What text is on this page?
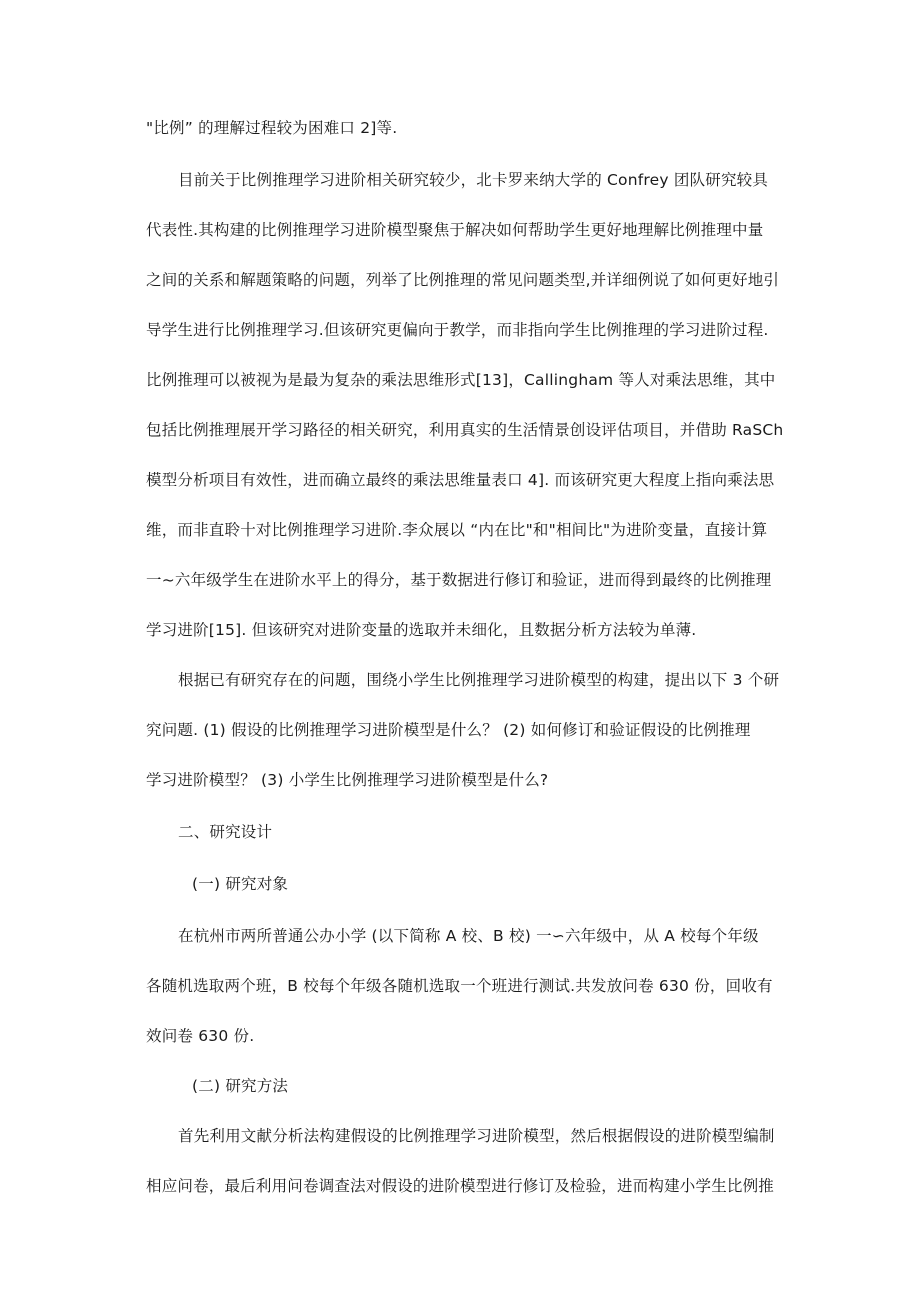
"比例” 的理解过程较为困难口 2]等.
目前关于比例推理学习进阶相关研究较少，北卡罗来纳大学的 Confrey 团队研究较具
代表性.其构建的比例推理学习进阶模型聚焦于解决如何帮助学生更好地理解比例推理中量
之间的关系和解题策略的问题，列举了比例推理的常见问题类型,并详细例说了如何更好地引
导学生进行比例推理学习.但该研究更偏向于教学，而非指向学生比例推理的学习进阶过程.
比例推理可以被视为是最为复杂的乘法思维形式[13]，Callingham 等人对乘法思维，其中
包括比例推理展开学习路径的相关研究，利用真实的生活情景创设评估项目，并借助 RaSCh
模型分析项目有效性，进而确立最终的乘法思维量表口 4]. 而该研究更大程度上指向乘法思
维，而非直聆十对比例推理学习进阶.李众展以 “内在比"和"相间比"为进阶变量，直接计算
一~六年级学生在进阶水平上的得分，基于数据进行修订和验证，进而得到最终的比例推理
学习进阶[15]. 但该研究对进阶变量的选取并未细化，且数据分析方法较为单薄.
根据已有研究存在的问题，围绕小学生比例推理学习进阶模型的构建，提出以下 3 个研
究问题. (1) 假设的比例推理学习进阶模型是什么？ (2) 如何修订和验证假设的比例推理
学习进阶模型？ (3) 小学生比例推理学习进阶模型是什么?
二、研究设计
(一) 研究对象
在杭州市两所普通公办小学 (以下简称 A 校、B 校) 一∽六年级中，从 A 校每个年级
各随机选取两个班，B 校每个年级各随机选取一个班进行测试.共发放问卷 630 份，回收有
效问卷 630 份.
(二) 研究方法
首先利用文献分析法构建假设的比例推理学习进阶模型，然后根据假设的进阶模型编制
相应问卷，最后利用问卷调查法对假设的进阶模型进行修订及检验，进而构建小学生比例推
